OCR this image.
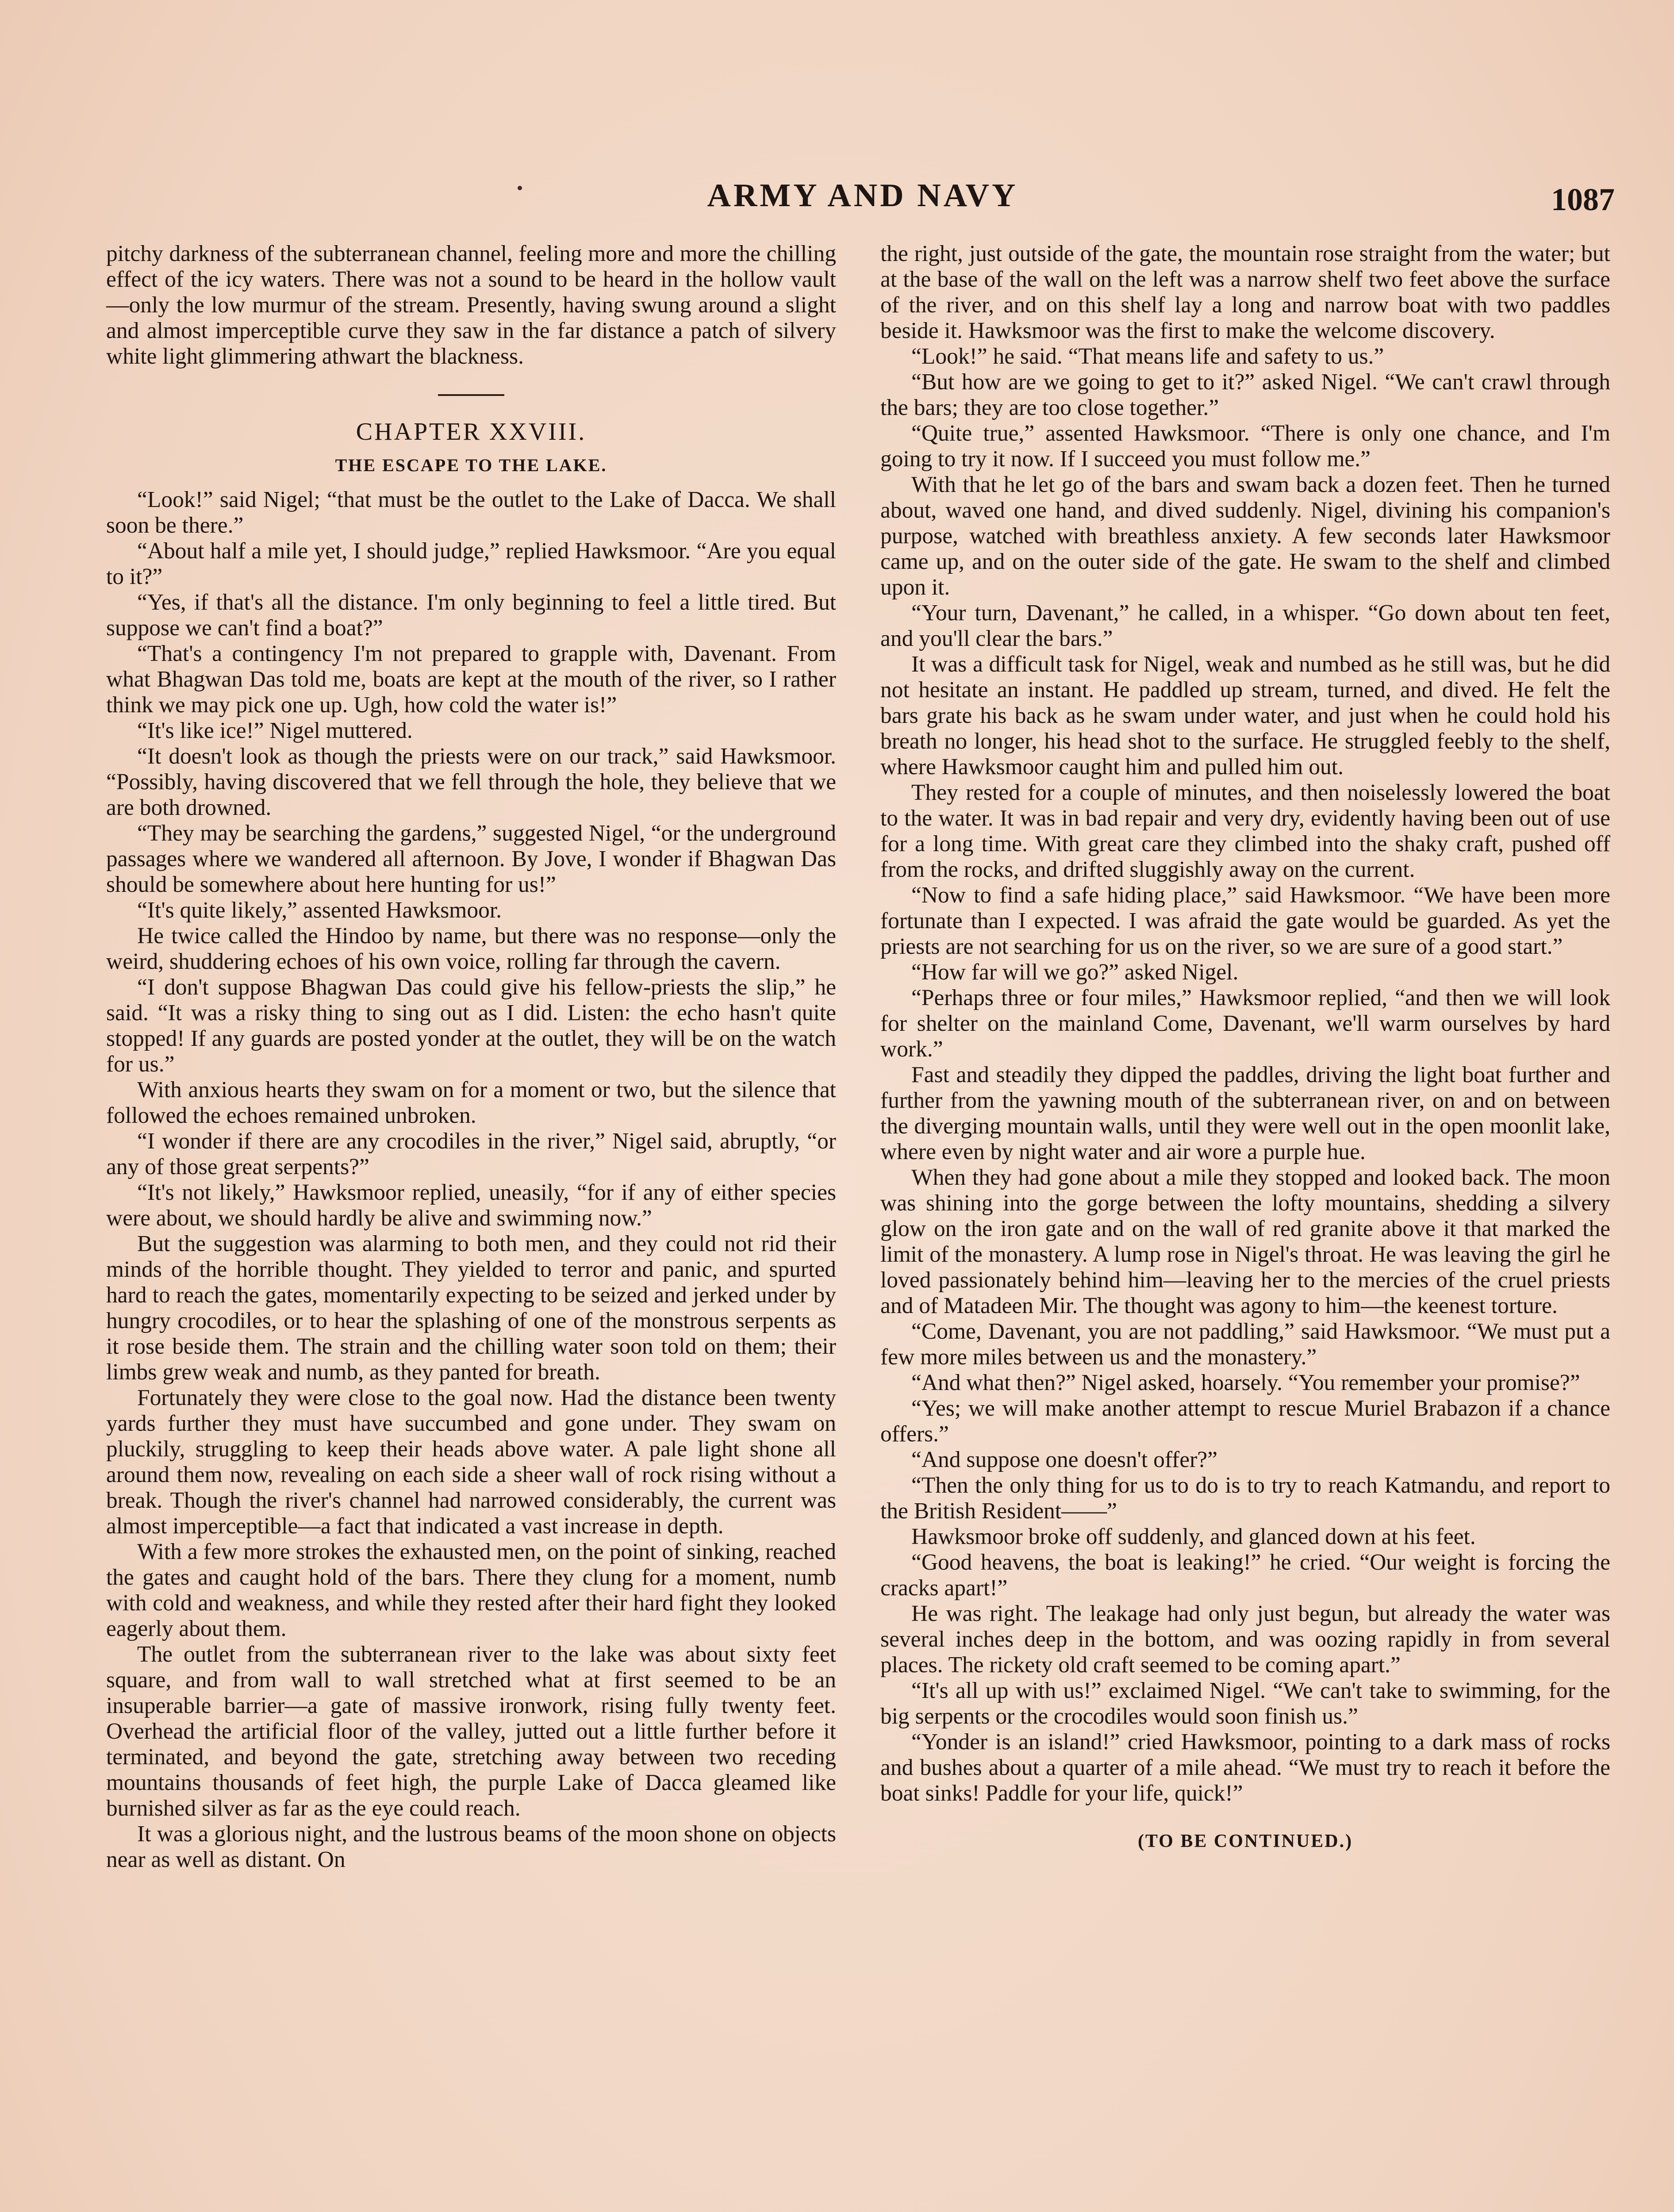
ARMY AND NAVY	1087

pitchy darkness of the subterranean channel, feeling more and more the chilling effect of the icy waters. There was not a sound to be heard in the hollow vault—only the low murmur of the stream. Presently, having swung around a slight and almost imperceptible curve they saw in the far distance a patch of silvery white light glimmering athwart the blackness.

CHAPTER XXVIII.
THE ESCAPE TO THE LAKE.

“Look!” said Nigel; “that must be the outlet to the Lake of Dacca. We shall soon be there.”

“About half a mile yet, I should judge,” replied Hawksmoor. “Are you equal to it?”

“Yes, if that's all the distance. I'm only beginning to feel a little tired. But suppose we can't find a boat?”

“That's a contingency I'm not prepared to grapple with, Davenant. From what Bhagwan Das told me, boats are kept at the mouth of the river, so I rather think we may pick one up. Ugh, how cold the water is!”

“It's like ice!” Nigel muttered.

“It doesn't look as though the priests were on our track,” said Hawksmoor. “Possibly, having discovered that we fell through the hole, they believe that we are both drowned.

“They may be searching the gardens,” suggested Nigel, “or the underground passages where we wandered all afternoon. By Jove, I wonder if Bhagwan Das should be somewhere about here hunting for us!”

“It's quite likely,” assented Hawksmoor.

He twice called the Hindoo by name, but there was no response—only the weird, shuddering echoes of his own voice, rolling far through the cavern.

“I don't suppose Bhagwan Das could give his fellow-priests the slip,” he said. “It was a risky thing to sing out as I did. Listen: the echo hasn't quite stopped! If any guards are posted yonder at the outlet, they will be on the watch for us.”

With anxious hearts they swam on for a moment or two, but the silence that followed the echoes remained unbroken.

“I wonder if there are any crocodiles in the river,” Nigel said, abruptly, “or any of those great serpents?”

“It's not likely,” Hawksmoor replied, uneasily, “for if any of either species were about, we should hardly be alive and swimming now.”

But the suggestion was alarming to both men, and they could not rid their minds of the horrible thought. They yielded to terror and panic, and spurted hard to reach the gates, momentarily expecting to be seized and jerked under by hungry crocodiles, or to hear the splashing of one of the monstrous serpents as it rose beside them. The strain and the chilling water soon told on them; their limbs grew weak and numb, as they panted for breath.

Fortunately they were close to the goal now. Had the distance been twenty yards further they must have succumbed and gone under. They swam on pluckily, struggling to keep their heads above water. A pale light shone all around them now, revealing on each side a sheer wall of rock rising without a break. Though the river's channel had narrowed considerably, the current was almost imperceptible—a fact that indicated a vast increase in depth.

With a few more strokes the exhausted men, on the point of sinking, reached the gates and caught hold of the bars. There they clung for a moment, numb with cold and weakness, and while they rested after their hard fight they looked eagerly about them.

The outlet from the subterranean river to the lake was about sixty feet square, and from wall to wall stretched what at first seemed to be an insuperable barrier—a gate of massive ironwork, rising fully twenty feet. Overhead the artificial floor of the valley, jutted out a little further before it terminated, and beyond the gate, stretching away between two receding mountains thousands of feet high, the purple Lake of Dacca gleamed like burnished silver as far as the eye could reach.

It was a glorious night, and the lustrous beams of the moon shone on objects near as well as distant. On

the right, just outside of the gate, the mountain rose straight from the water; but at the base of the wall on the left was a narrow shelf two feet above the surface of the river, and on this shelf lay a long and narrow boat with two paddles beside it. Hawksmoor was the first to make the welcome discovery.

“Look!” he said. “That means life and safety to us.”

“But how are we going to get to it?” asked Nigel. “We can't crawl through the bars; they are too close together.”

“Quite true,” assented Hawksmoor. “There is only one chance, and I'm going to try it now. If I succeed you must follow me.”

With that he let go of the bars and swam back a dozen feet. Then he turned about, waved one hand, and dived suddenly. Nigel, divining his companion's purpose, watched with breathless anxiety. A few seconds later Hawksmoor came up, and on the outer side of the gate. He swam to the shelf and climbed upon it.

“Your turn, Davenant,” he called, in a whisper. “Go down about ten feet, and you'll clear the bars.”

It was a difficult task for Nigel, weak and numbed as he still was, but he did not hesitate an instant. He paddled up stream, turned, and dived. He felt the bars grate his back as he swam under water, and just when he could hold his breath no longer, his head shot to the surface. He struggled feebly to the shelf, where Hawksmoor caught him and pulled him out.

They rested for a couple of minutes, and then noiselessly lowered the boat to the water. It was in bad repair and very dry, evidently having been out of use for a long time. With great care they climbed into the shaky craft, pushed off from the rocks, and drifted sluggishly away on the current.

“Now to find a safe hiding place,” said Hawksmoor. “We have been more fortunate than I expected. I was afraid the gate would be guarded. As yet the priests are not searching for us on the river, so we are sure of a good start.”

“How far will we go?” asked Nigel.

“Perhaps three or four miles,” Hawksmoor replied, “and then we will look for shelter on the mainland Come, Davenant, we'll warm ourselves by hard work.”

Fast and steadily they dipped the paddles, driving the light boat further and further from the yawning mouth of the subterranean river, on and on between the diverging mountain walls, until they were well out in the open moonlit lake, where even by night water and air wore a purple hue.

When they had gone about a mile they stopped and looked back. The moon was shining into the gorge between the lofty mountains, shedding a silvery glow on the iron gate and on the wall of red granite above it that marked the limit of the monastery. A lump rose in Nigel's throat. He was leaving the girl he loved passionately behind him—leaving her to the mercies of the cruel priests and of Matadeen Mir. The thought was agony to him—the keenest torture.

“Come, Davenant, you are not paddling,” said Hawksmoor. “We must put a few more miles between us and the monastery.”

“And what then?” Nigel asked, hoarsely. “You remember your promise?”

“Yes; we will make another attempt to rescue Muriel Brabazon if a chance offers.”

“And suppose one doesn't offer?”

“Then the only thing for us to do is to try to reach Katmandu, and report to the British Resident——”

Hawksmoor broke off suddenly, and glanced down at his feet.

“Good heavens, the boat is leaking!” he cried. “Our weight is forcing the cracks apart!”

He was right. The leakage had only just begun, but already the water was several inches deep in the bottom, and was oozing rapidly in from several places. The rickety old craft seemed to be coming apart.”

“It's all up with us!” exclaimed Nigel. “We can't take to swimming, for the big serpents or the crocodiles would soon finish us.”

“Yonder is an island!” cried Hawksmoor, pointing to a dark mass of rocks and bushes about a quarter of a mile ahead. “We must try to reach it before the boat sinks! Paddle for your life, quick!”

(TO BE CONTINUED.)
